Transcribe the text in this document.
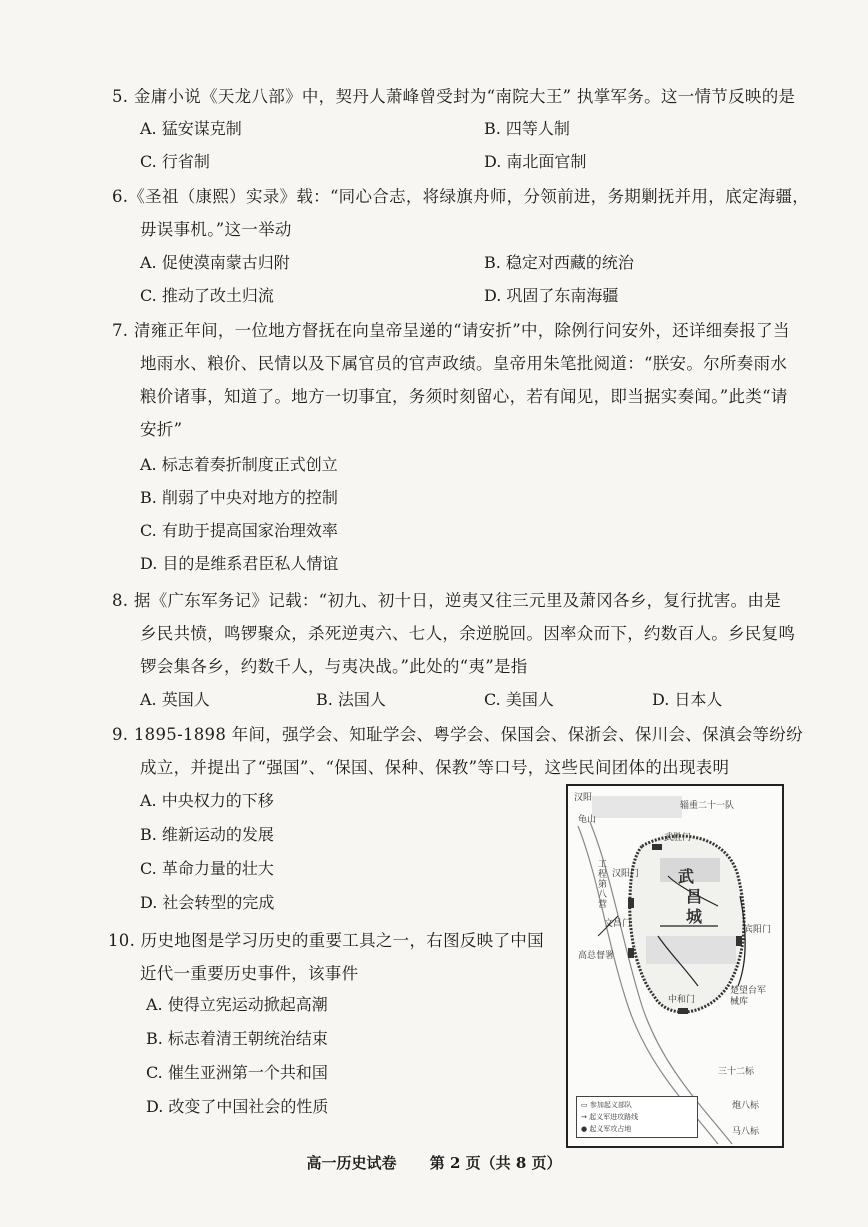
5. 金庸小说《天龙八部》中，契丹人萧峰曾受封为“南院大王” 执掌军务。这一情节反映的是
A. 猛安谋克制	B. 四等人制
C. 行省制	D. 南北面官制
6.《圣祖（康熙）实录》载：“同心合志，将绿旗舟师，分领前进，务期剿抚并用，底定海疆，
毋误事机。”这一举动
A. 促使漠南蒙古归附	B. 稳定对西藏的统治
C. 推动了改土归流	D. 巩固了东南海疆
7. 清雍正年间，一位地方督抚在向皇帝呈递的“请安折”中，除例行问安外，还详细奏报了当
地雨水、粮价、民情以及下属官员的官声政绩。皇帝用朱笔批阅道：“朕安。尔所奏雨水
粮价诸事，知道了。地方一切事宜，务须时刻留心，若有闻见，即当据实奏闻。”此类“请
安折”
A. 标志着奏折制度正式创立
B. 削弱了中央对地方的控制
C. 有助于提高国家治理效率
D. 目的是维系君臣私人情谊
8. 据《广东军务记》记载：“初九、初十日，逆夷又往三元里及萧冈各乡，复行扰害。由是
乡民共愤，鸣锣聚众，杀死逆夷六、七人，余逆脱回。因率众而下，约数百人。乡民复鸣
锣会集各乡，约数千人，与夷决战。”此处的“夷”是指
A. 英国人	B. 法国人	C. 美国人	D. 日本人
9. 1895-1898 年间，强学会、知耻学会、粤学会、保国会、保浙会、保川会、保滇会等纷纷
成立，并提出了“强国”、“保国、保种、保教”等口号，这些民间团体的出现表明
A. 中央权力的下移
B. 维新运动的发展
C. 革命力量的壮大
D. 社会转型的完成
10. 历史地图是学习历史的重要工具之一，右图反映了中国
近代一重要历史事件，该事件
A. 使得立宪运动掀起高潮
B. 标志着清王朝统治结束
C. 催生亚洲第一个共和国
D. 改变了中国社会的性质
汉阳
龟山
辎重二十一队
武胜门
工程第八营
汉阳门 武
昌
城
文昌门
高总督署
宾阳门
中和门
楚望台军械库
三十二标
炮八标
马八标
▭ 参加起义部队
→ 起义军进攻路线
● 起义军攻占地
高一历史试卷 第 2 页（共 8 页）
